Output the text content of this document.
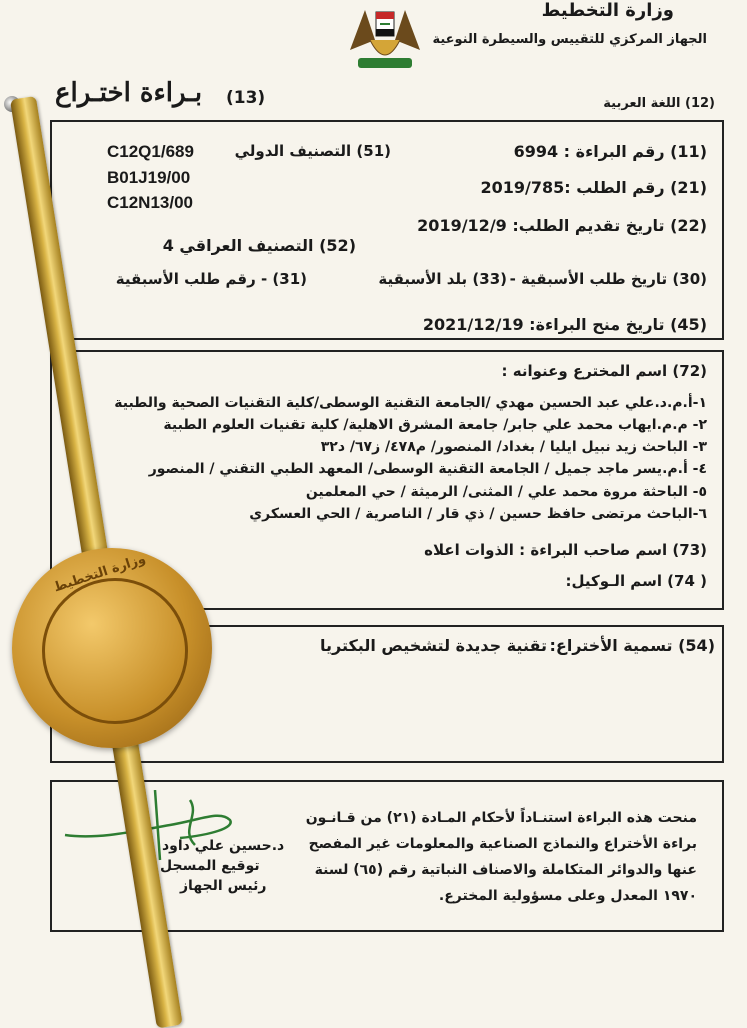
وزارة التخطيط
الجهاز المركزي للتقييس والسيطرة النوعية
(13)
بـراءة اختـراع	(12) اللغة العربية
(51) التصنيف الدولي
C12Q1/689
B01J19/00
C12N13/00
(11) رقم البراءة : 6994
(21) رقم الطلب :2019/785
(22) تاريخ تقديم الطلب: 2019/12/9
(52) التصنيف العراقي 4
(30) تاريخ طلب الأسبقية -
(33) بلد الأسبقية
(31) - رقم طلب الأسبقية
(45) تاريخ منح البراءة: 2021/12/19
(72) اسم المخترع وعنوانه :
١-أ.م.د.علي عبد الحسين مهدي /الجامعة التقنية الوسطى/كلية التقنيات الصحية والطبية
٢- م.م.ايهاب محمد علي جابر/ جامعة المشرق الاهلية/ كلية تقنيات العلوم الطبية
٣- الباحث زيد نبيل ايليا / بغداد/ المنصور/ م٤٧٨/ ز٦٧/ د٣٢
٤- أ.م.يسر ماجد جميل / الجامعة التقنية الوسطى/ المعهد الطبي التقني / المنصور
٥- الباحثة مروة محمد علي / المثنى/ الرميثة / حي المعلمين
٦-الباحث مرتضى حافظ حسين / ذي قار / الناصرية / الحي العسكري
(73) اسم صاحب البراءة : الذوات اعلاه
( 74) اسم الـوكيل:
(54) تسمية الأختراع:
تقنية جديدة لتشخيص البكتريا
منحت هذه البراءة استنـاداً لأحكام المـادة (٢١) من قـانـون
براءة الأختراع والنماذج الصناعية والمعلومات غير المفصح
عنها والدوائر المتكاملة والاصناف النباتية رقم (٦٥) لسنة
١٩٧٠ المعدل وعلى مسؤولية المخترع.
د.حسين علي داود
توقيع المسجل
رئيس الجهاز
وزارة التخطيط
